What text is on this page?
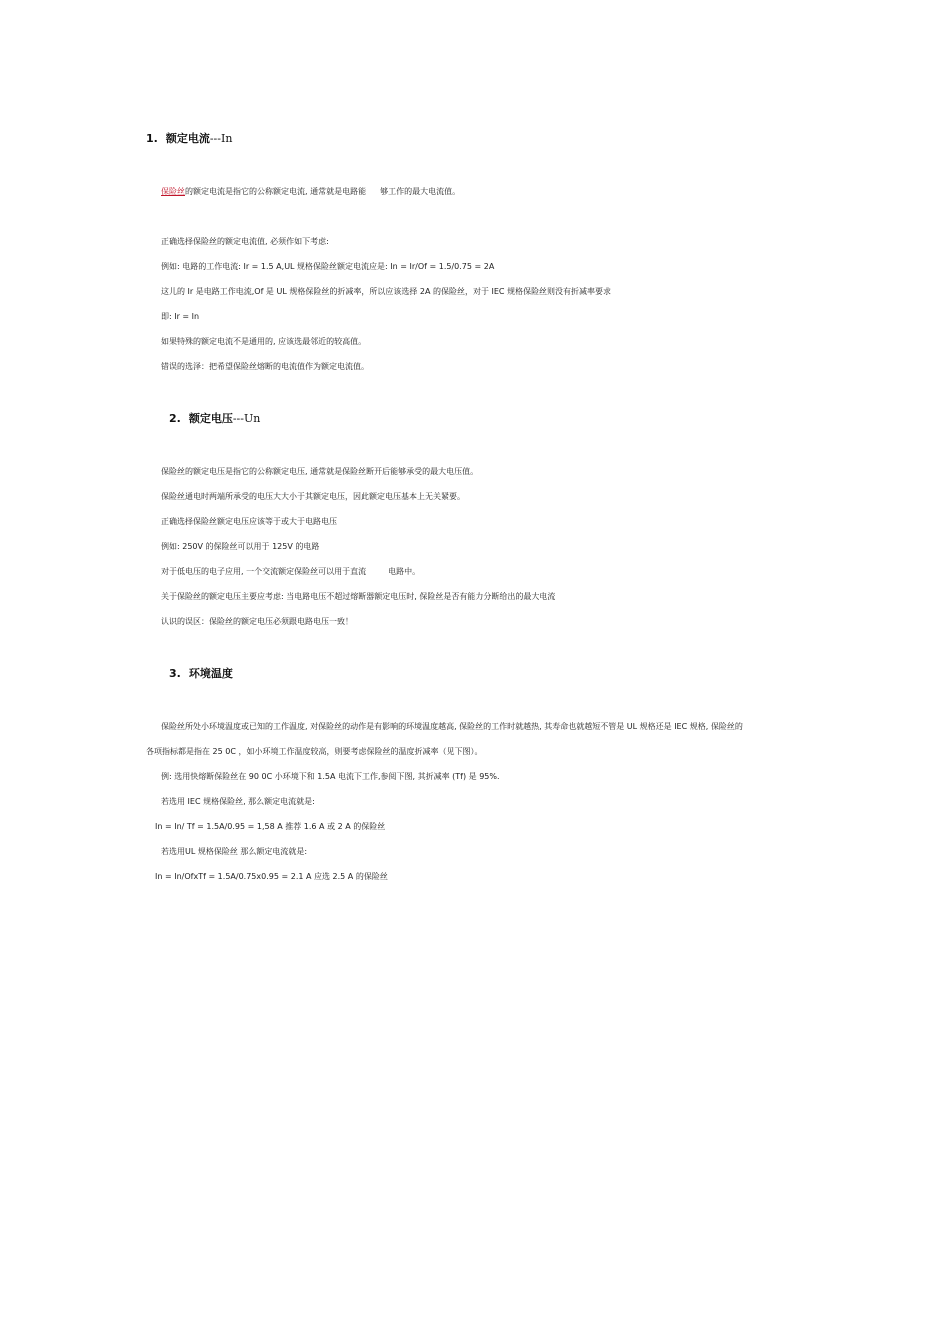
1. 额定电流---In
保险丝的额定电流是指它的公称额定电流, 通常就是电路能 够工作的最大电流值。
正确选择保险丝的额定电流值, 必须作如下考虑:
例如: 电路的工作电流: Ir = 1.5 A,UL 规格保险丝额定电流应是: In = Ir/Of = 1.5/0.75 = 2A
这儿的 Ir 是电路工作电流,Of 是 UL 规格保险丝的折减率，所以应该选择 2A 的保险丝，对于 IEC 规格保险丝则没有折减率要求
即: Ir = In
如果特殊的额定电流不是通用的, 应该选最邻近的较高值。
错误的选泽：把希望保险丝熔断的电流值作为额定电流值。
2. 额定电压---Un
保险丝的额定电压是指它的公称额定电压, 通常就是保险丝断开后能够承受的最大电压值。
保险丝通电时两端所承受的电压大大小于其额定电压，因此额定电压基本上无关紧要。
正确选择保险丝额定电压应该等于或大于电路电压
例如: 250V 的保险丝可以用于 125V 的电路
对于低电压的电子应用, 一个交流额定保险丝可以用于直流	电路中。
关于保险丝的额定电压主要应考虑: 当电路电压不超过熔断器额定电压时, 保险丝是否有能力分断给出的最大电流
认识的误区：保险丝的额定电压必须跟电路电压一致！
3. 环境温度
保险丝所处小环境温度或已知的工作温度, 对保险丝的动作是有影响的环境温度越高, 保险丝的工作时就越热, 其寿命也就越短不管是 UL 规格还是 IEC 规格, 保险丝的
各项指标都是指在 25 0C ，如小环境工作温度较高，则要考虑保险丝的温度折减率（见下图）。
例: 选用快熔断保险丝在 90 0C 小环境下和 1.5A 电流下工作,参阅下图, 其折减率 (Tf) 是 95%.
若选用 IEC 规格保险丝, 那么额定电流就是:
In = In/ Tf = 1.5A/0.95 = 1,58 A 推荐 1.6 A 或 2 A 的保险丝
若选用UL 规格保险丝 那么额定电流就是:
In = In/OfxTf = 1.5A/0.75x0.95 = 2.1 A 应选 2.5 A 的保险丝
